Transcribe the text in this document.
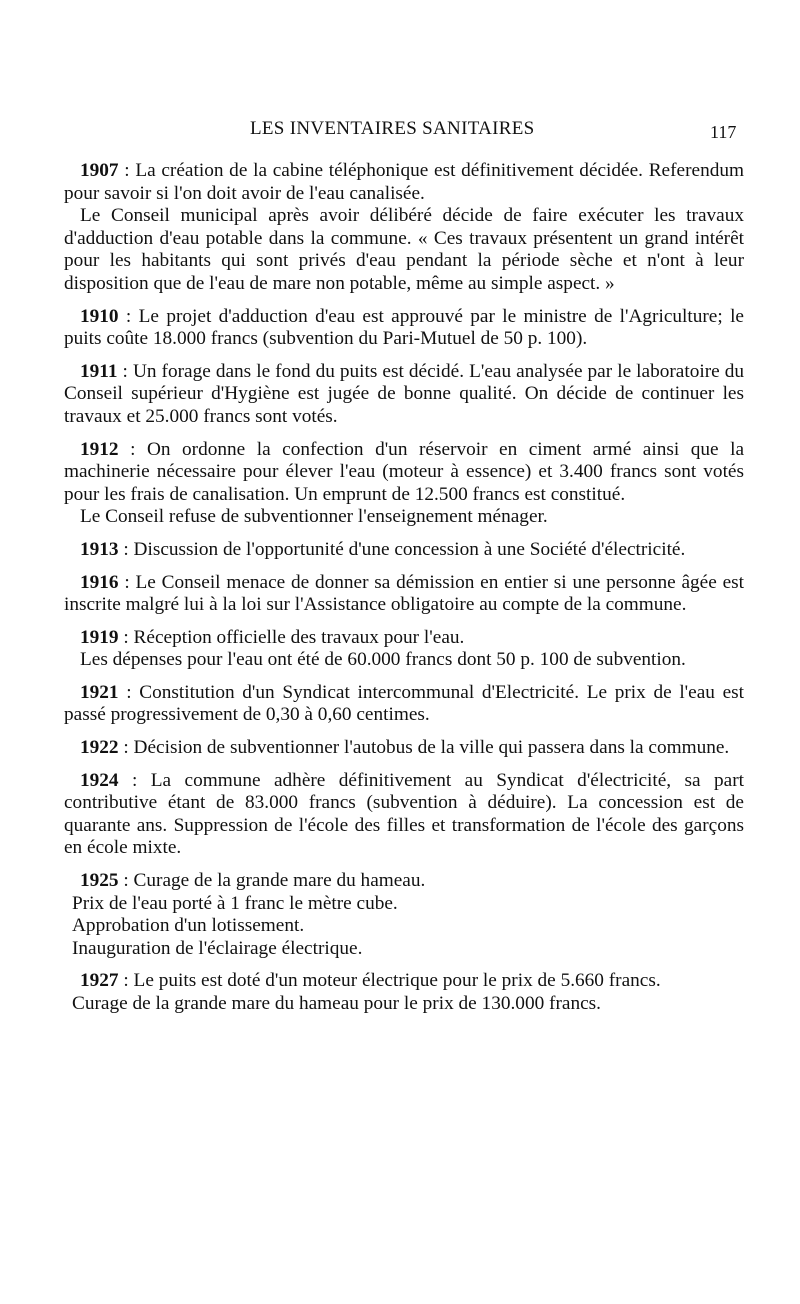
LES INVENTAIRES SANITAIRES	117

1907 : La création de la cabine téléphonique est définitivement décidée. Referendum pour savoir si l'on doit avoir de l'eau canalisée.

Le Conseil municipal après avoir délibéré décide de faire exécuter les travaux d'adduction d'eau potable dans la commune. « Ces travaux présentent un grand intérêt pour les habitants qui sont privés d'eau pendant la période sèche et n'ont à leur disposition que de l'eau de mare non potable, même au simple aspect. »

1910 : Le projet d'adduction d'eau est approuvé par le ministre de l'Agriculture; le puits coûte 18.000 francs (subvention du Pari-Mutuel de 50 p. 100).

1911 : Un forage dans le fond du puits est décidé. L'eau analysée par le laboratoire du Conseil supérieur d'Hygiène est jugée de bonne qualité. On décide de continuer les travaux et 25.000 francs sont votés.

1912 : On ordonne la confection d'un réservoir en ciment armé ainsi que la machinerie nécessaire pour élever l'eau (moteur à essence) et 3.400 francs sont votés pour les frais de canalisation. Un emprunt de 12.500 francs est constitué.

Le Conseil refuse de subventionner l'enseignement ménager.

1913 : Discussion de l'opportunité d'une concession à une Société d'électricité.

1916 : Le Conseil menace de donner sa démission en entier si une personne âgée est inscrite malgré lui à la loi sur l'Assistance obligatoire au compte de la commune.

1919 : Réception officielle des travaux pour l'eau.

Les dépenses pour l'eau ont été de 60.000 francs dont 50 p. 100 de subvention.

1921 : Constitution d'un Syndicat intercommunal d'Electricité. Le prix de l'eau est passé progressivement de 0,30 à 0,60 centimes.

1922 : Décision de subventionner l'autobus de la ville qui passera dans la commune.

1924 : La commune adhère définitivement au Syndicat d'électricité, sa part contributive étant de 83.000 francs (subvention à déduire). La concession est de quarante ans. Suppression de l'école des filles et transformation de l'école des garçons en école mixte.

1925 : Curage de la grande mare du hameau.

Prix de l'eau porté à 1 franc le mètre cube.
Approbation d'un lotissement.
Inauguration de l'éclairage électrique.

1927 : Le puits est doté d'un moteur électrique pour le prix de 5.660 francs.

Curage de la grande mare du hameau pour le prix de 130.000 francs.
